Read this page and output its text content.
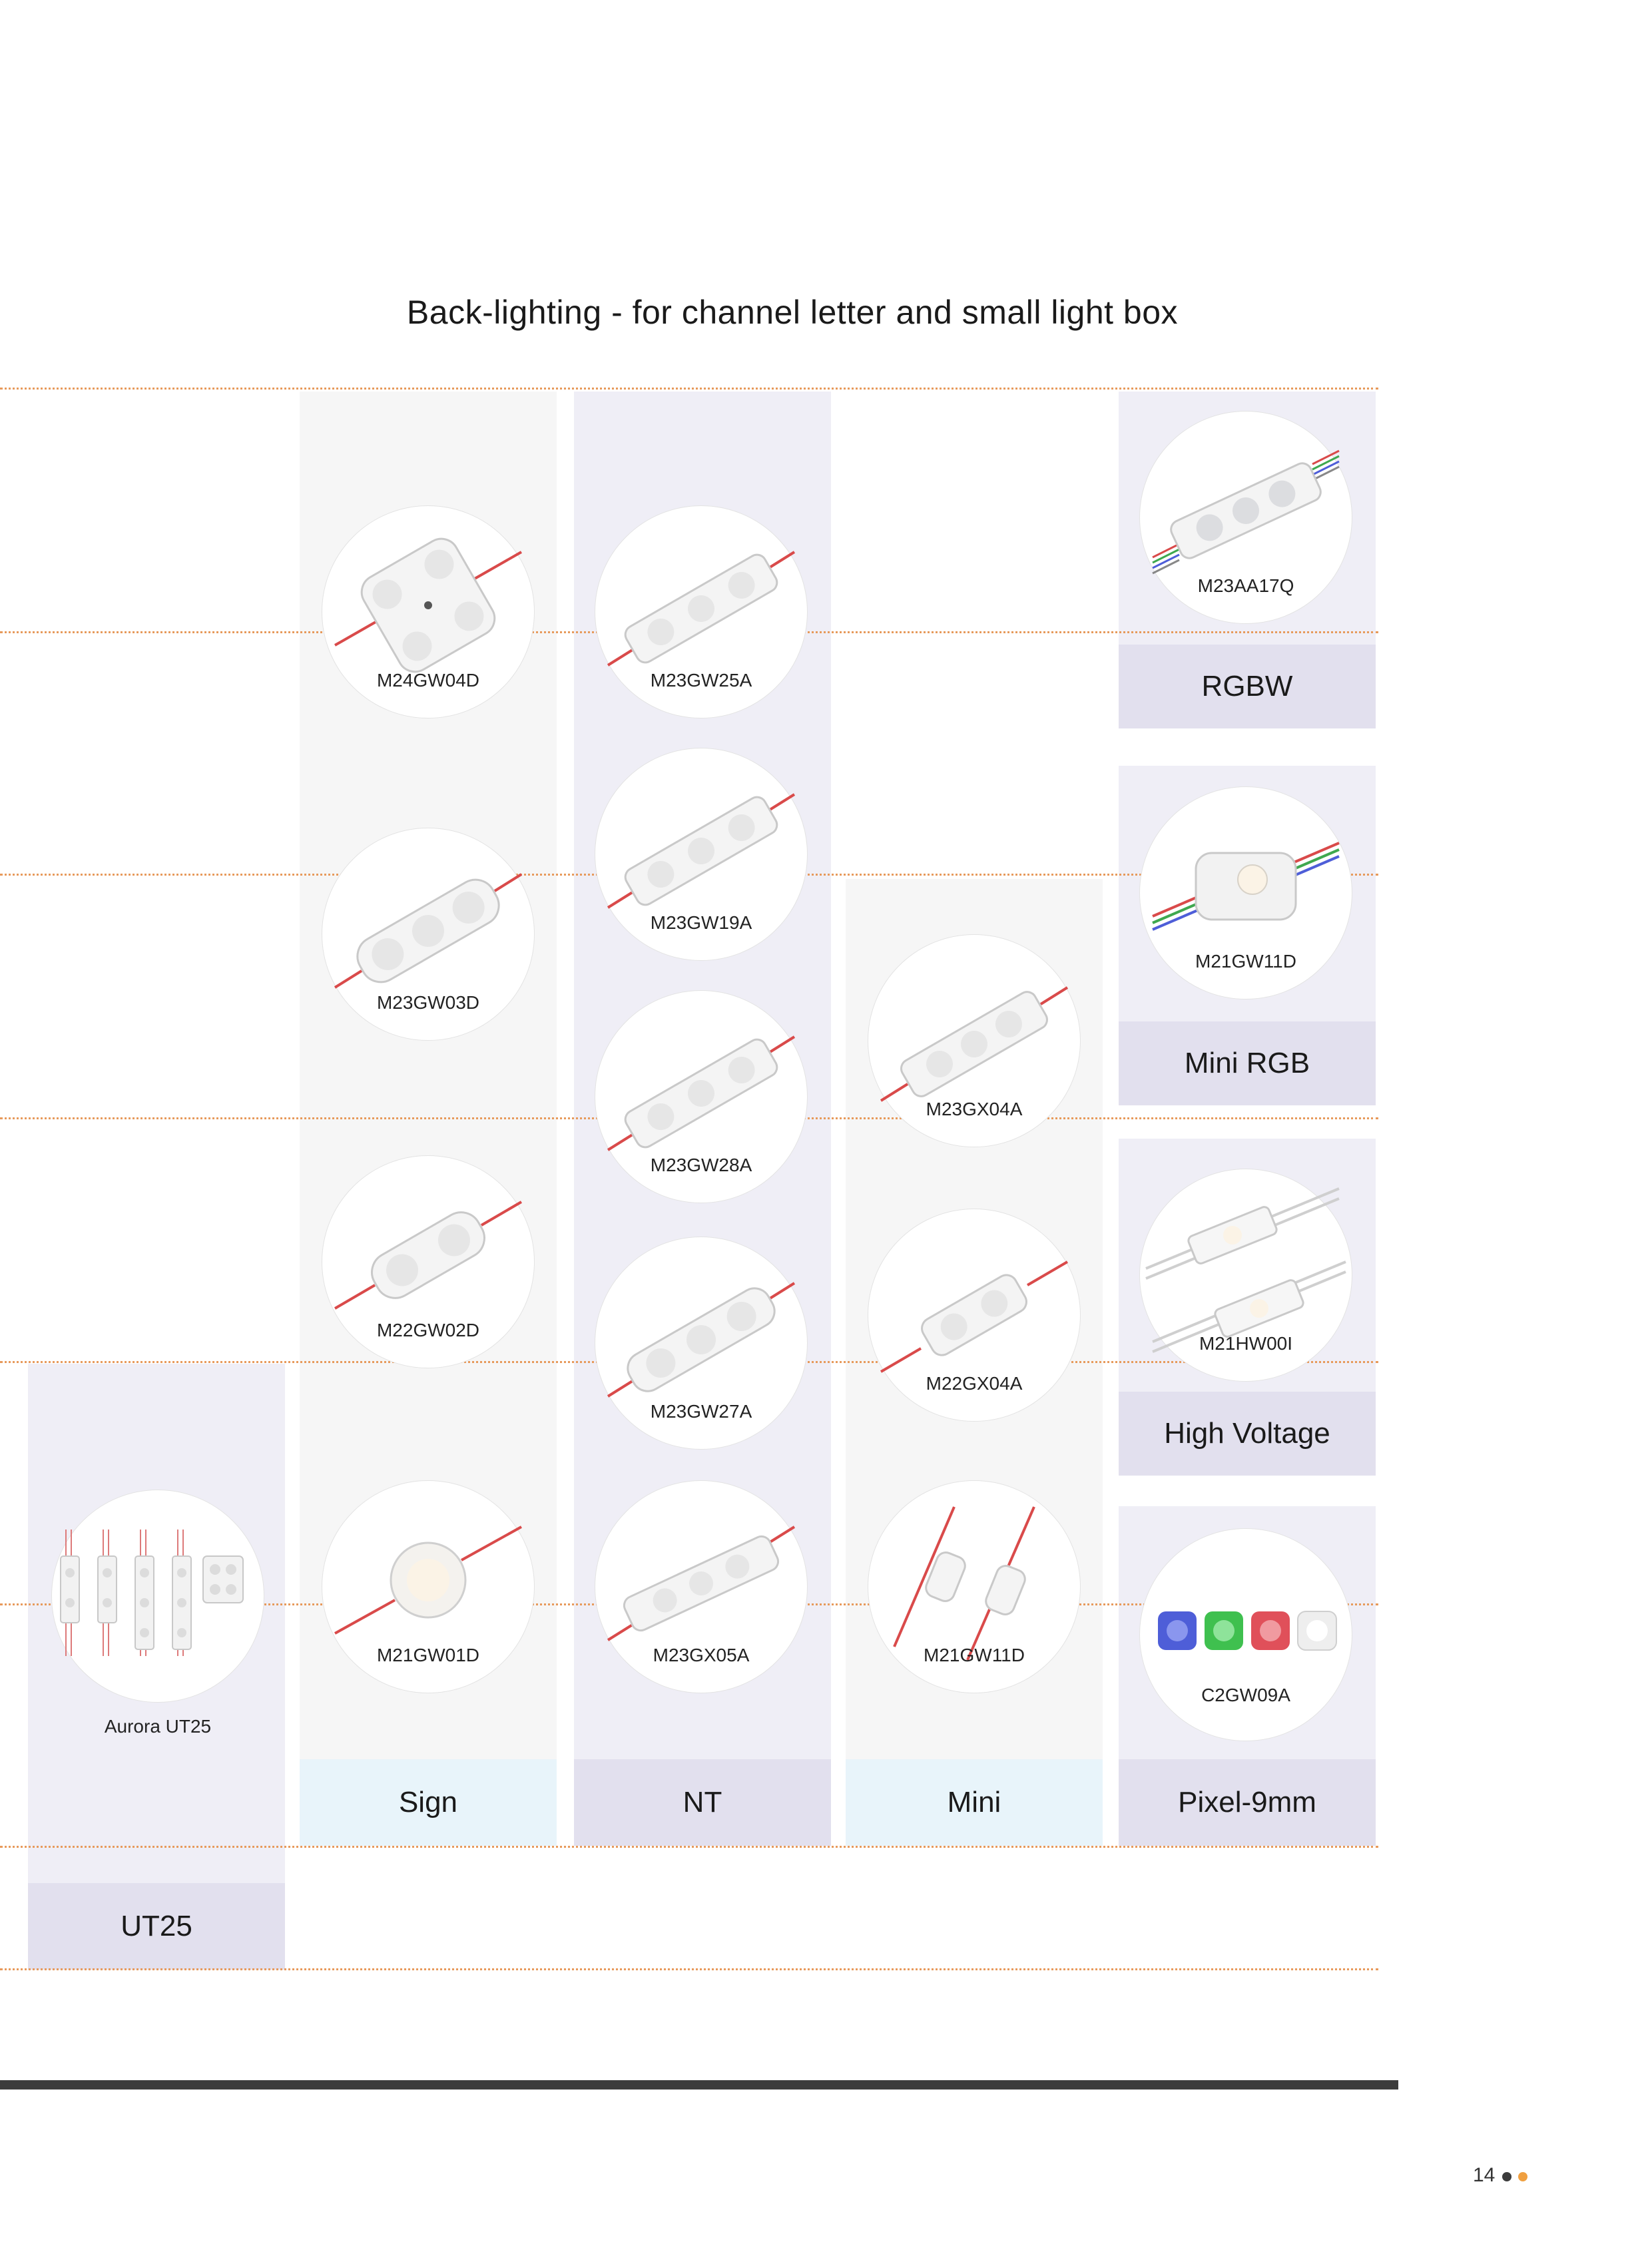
Back-lighting - for channel letter and small light box
UT25
Sign	NT	Mini	Pixel-9mm
RGBW
Mini RGB
High Voltage
Aurora UT25
M24GW04D
M23GW03D
M22GW02D
M21GW01D
M23GW25A
M23GW19A
M23GW28A
M23GW27A
M23GX05A
M23GX04A
M22GX04A
M21GW11D
M23AA17Q
M21GW11D
M21HW00I
C2GW09A
14
